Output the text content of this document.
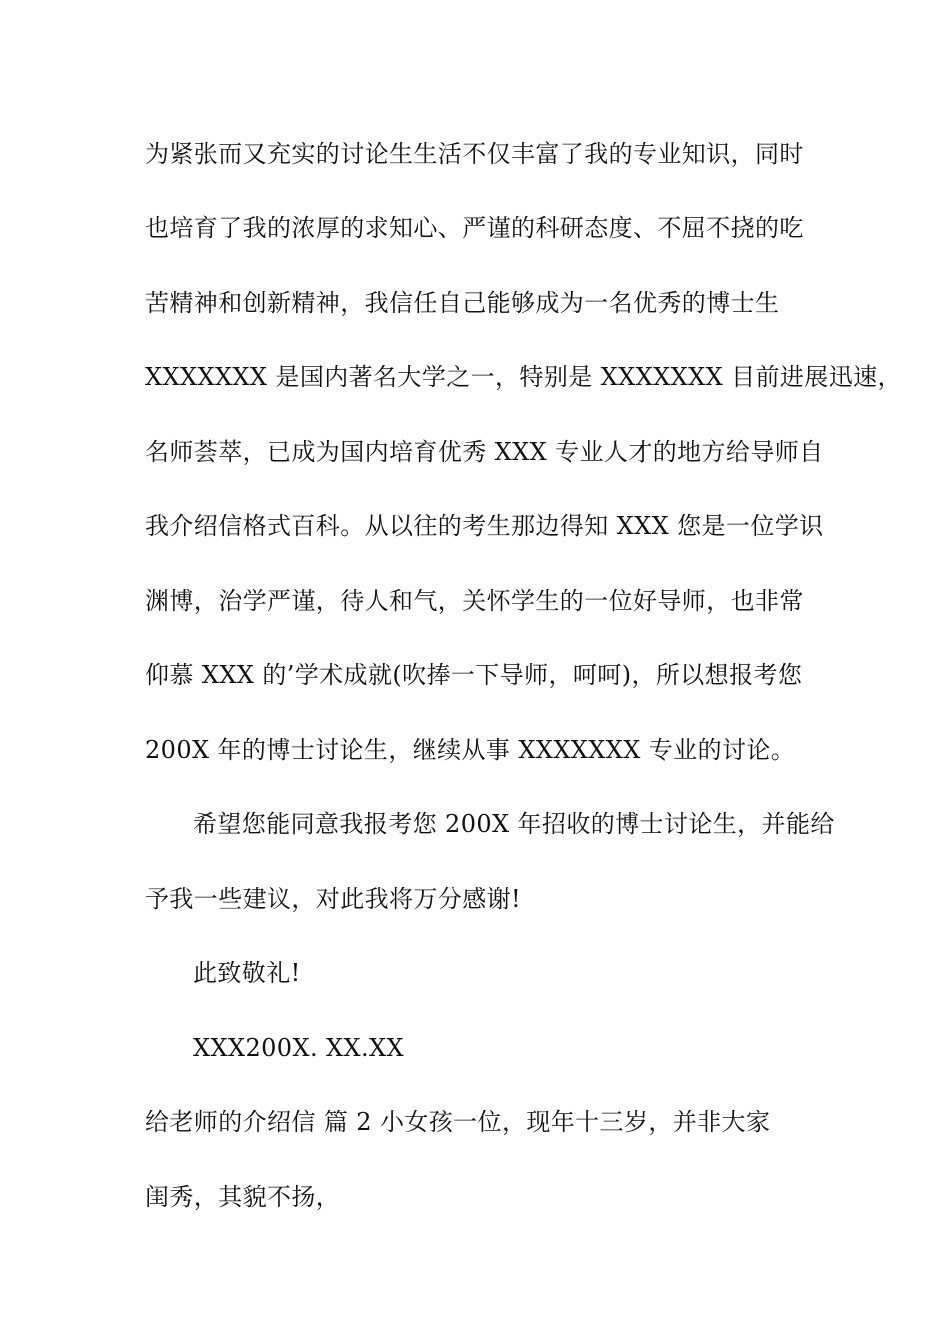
为紧张而又充实的讨论生生活不仅丰富了我的专业知识，同时
也培育了我的浓厚的求知心、严谨的科研态度、不屈不挠的吃
苦精神和创新精神，我信任自己能够成为一名优秀的博士生
XXXXXXX 是国内著名大学之一，特别是 XXXXXXX 目前进展迅速，
名师荟萃，已成为国内培育优秀 XXX 专业人才的地方给导师自
我介绍信格式百科。从以往的考生那边得知 XXX 您是一位学识
渊博，治学严谨，待人和气，关怀学生的一位好导师，也非常
仰慕 XXX 的’学术成就(吹捧一下导师，呵呵)，所以想报考您
200X 年的博士讨论生，继续从事 XXXXXXX 专业的讨论。
希望您能同意我报考您 200X 年招收的博士讨论生，并能给
予我一些建议，对此我将万分感谢!
此致敬礼!
XXX200X. XX.XX
给老师的介绍信 篇 2 小女孩一位，现年十三岁，并非大家
闺秀，其貌不扬，
